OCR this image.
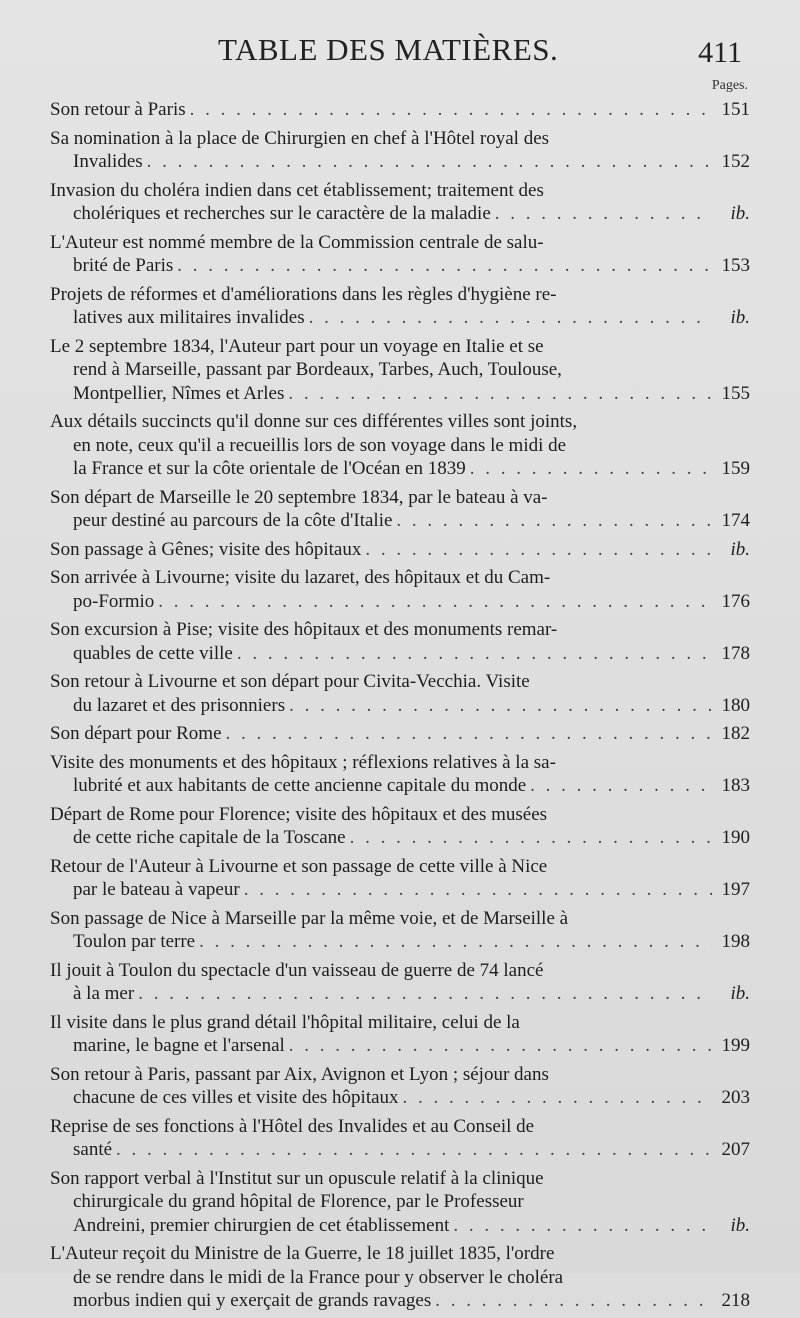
TABLE DES MATIÈRES.	411
Pages.
Son retour à Paris . . .	151
Sa nomination à la place de Chirurgien en chef à l'Hôtel royal des
Invalides . . .	152
Invasion du choléra indien dans cet établissement; traitement des
cholériques et recherches sur le caractère de la maladie . . .	ib.
L'Auteur est nommé membre de la Commission centrale de salu-
brité de Paris . . .	153
Projets de réformes et d'améliorations dans les règles d'hygiène re-
latives aux militaires invalides . . .	ib.
Le 2 septembre 1834, l'Auteur part pour un voyage en Italie et se
rend à Marseille, passant par Bordeaux, Tarbes, Auch, Toulouse,
Montpellier, Nîmes et Arles . . .	155
Aux détails succincts qu'il donne sur ces différentes villes sont joints,
en note, ceux qu'il a recueillis lors de son voyage dans le midi de
la France et sur la côte orientale de l'Océan en 1839 . . .	159
Son départ de Marseille le 20 septembre 1834, par le bateau à va-
peur destiné au parcours de la côte d'Italie . . .	174
Son passage à Gênes; visite des hôpitaux . . .	ib.
Son arrivée à Livourne; visite du lazaret, des hôpitaux et du Cam-
po-Formio . . .	176
Son excursion à Pise; visite des hôpitaux et des monuments remar-
quables de cette ville . . .	178
Son retour à Livourne et son départ pour Civita-Vecchia. Visite
du lazaret et des prisonniers . . .	180
Son départ pour Rome . . .	182
Visite des monuments et des hôpitaux ; réflexions relatives à la sa-
lubrité et aux habitants de cette ancienne capitale du monde . . .	183
Départ de Rome pour Florence; visite des hôpitaux et des musées
de cette riche capitale de la Toscane . . .	190
Retour de l'Auteur à Livourne et son passage de cette ville à Nice
par le bateau à vapeur . . .	197
Son passage de Nice à Marseille par la même voie, et de Marseille à
Toulon par terre . . .	198
Il jouit à Toulon du spectacle d'un vaisseau de guerre de 74 lancé
à la mer . . .	ib.
Il visite dans le plus grand détail l'hôpital militaire, celui de la
marine, le bagne et l'arsenal . . .	199
Son retour à Paris, passant par Aix, Avignon et Lyon ; séjour dans
chacune de ces villes et visite des hôpitaux . . .	203
Reprise de ses fonctions à l'Hôtel des Invalides et au Conseil de
santé . . .	207
Son rapport verbal à l'Institut sur un opuscule relatif à la clinique
chirurgicale du grand hôpital de Florence, par le Professeur
Andreini, premier chirurgien de cet établissement . . .	ib.
L'Auteur reçoit du Ministre de la Guerre, le 18 juillet 1835, l'ordre
de se rendre dans le midi de la France pour y observer le choléra
morbus indien qui y exerçait de grands ravages . . .	218
